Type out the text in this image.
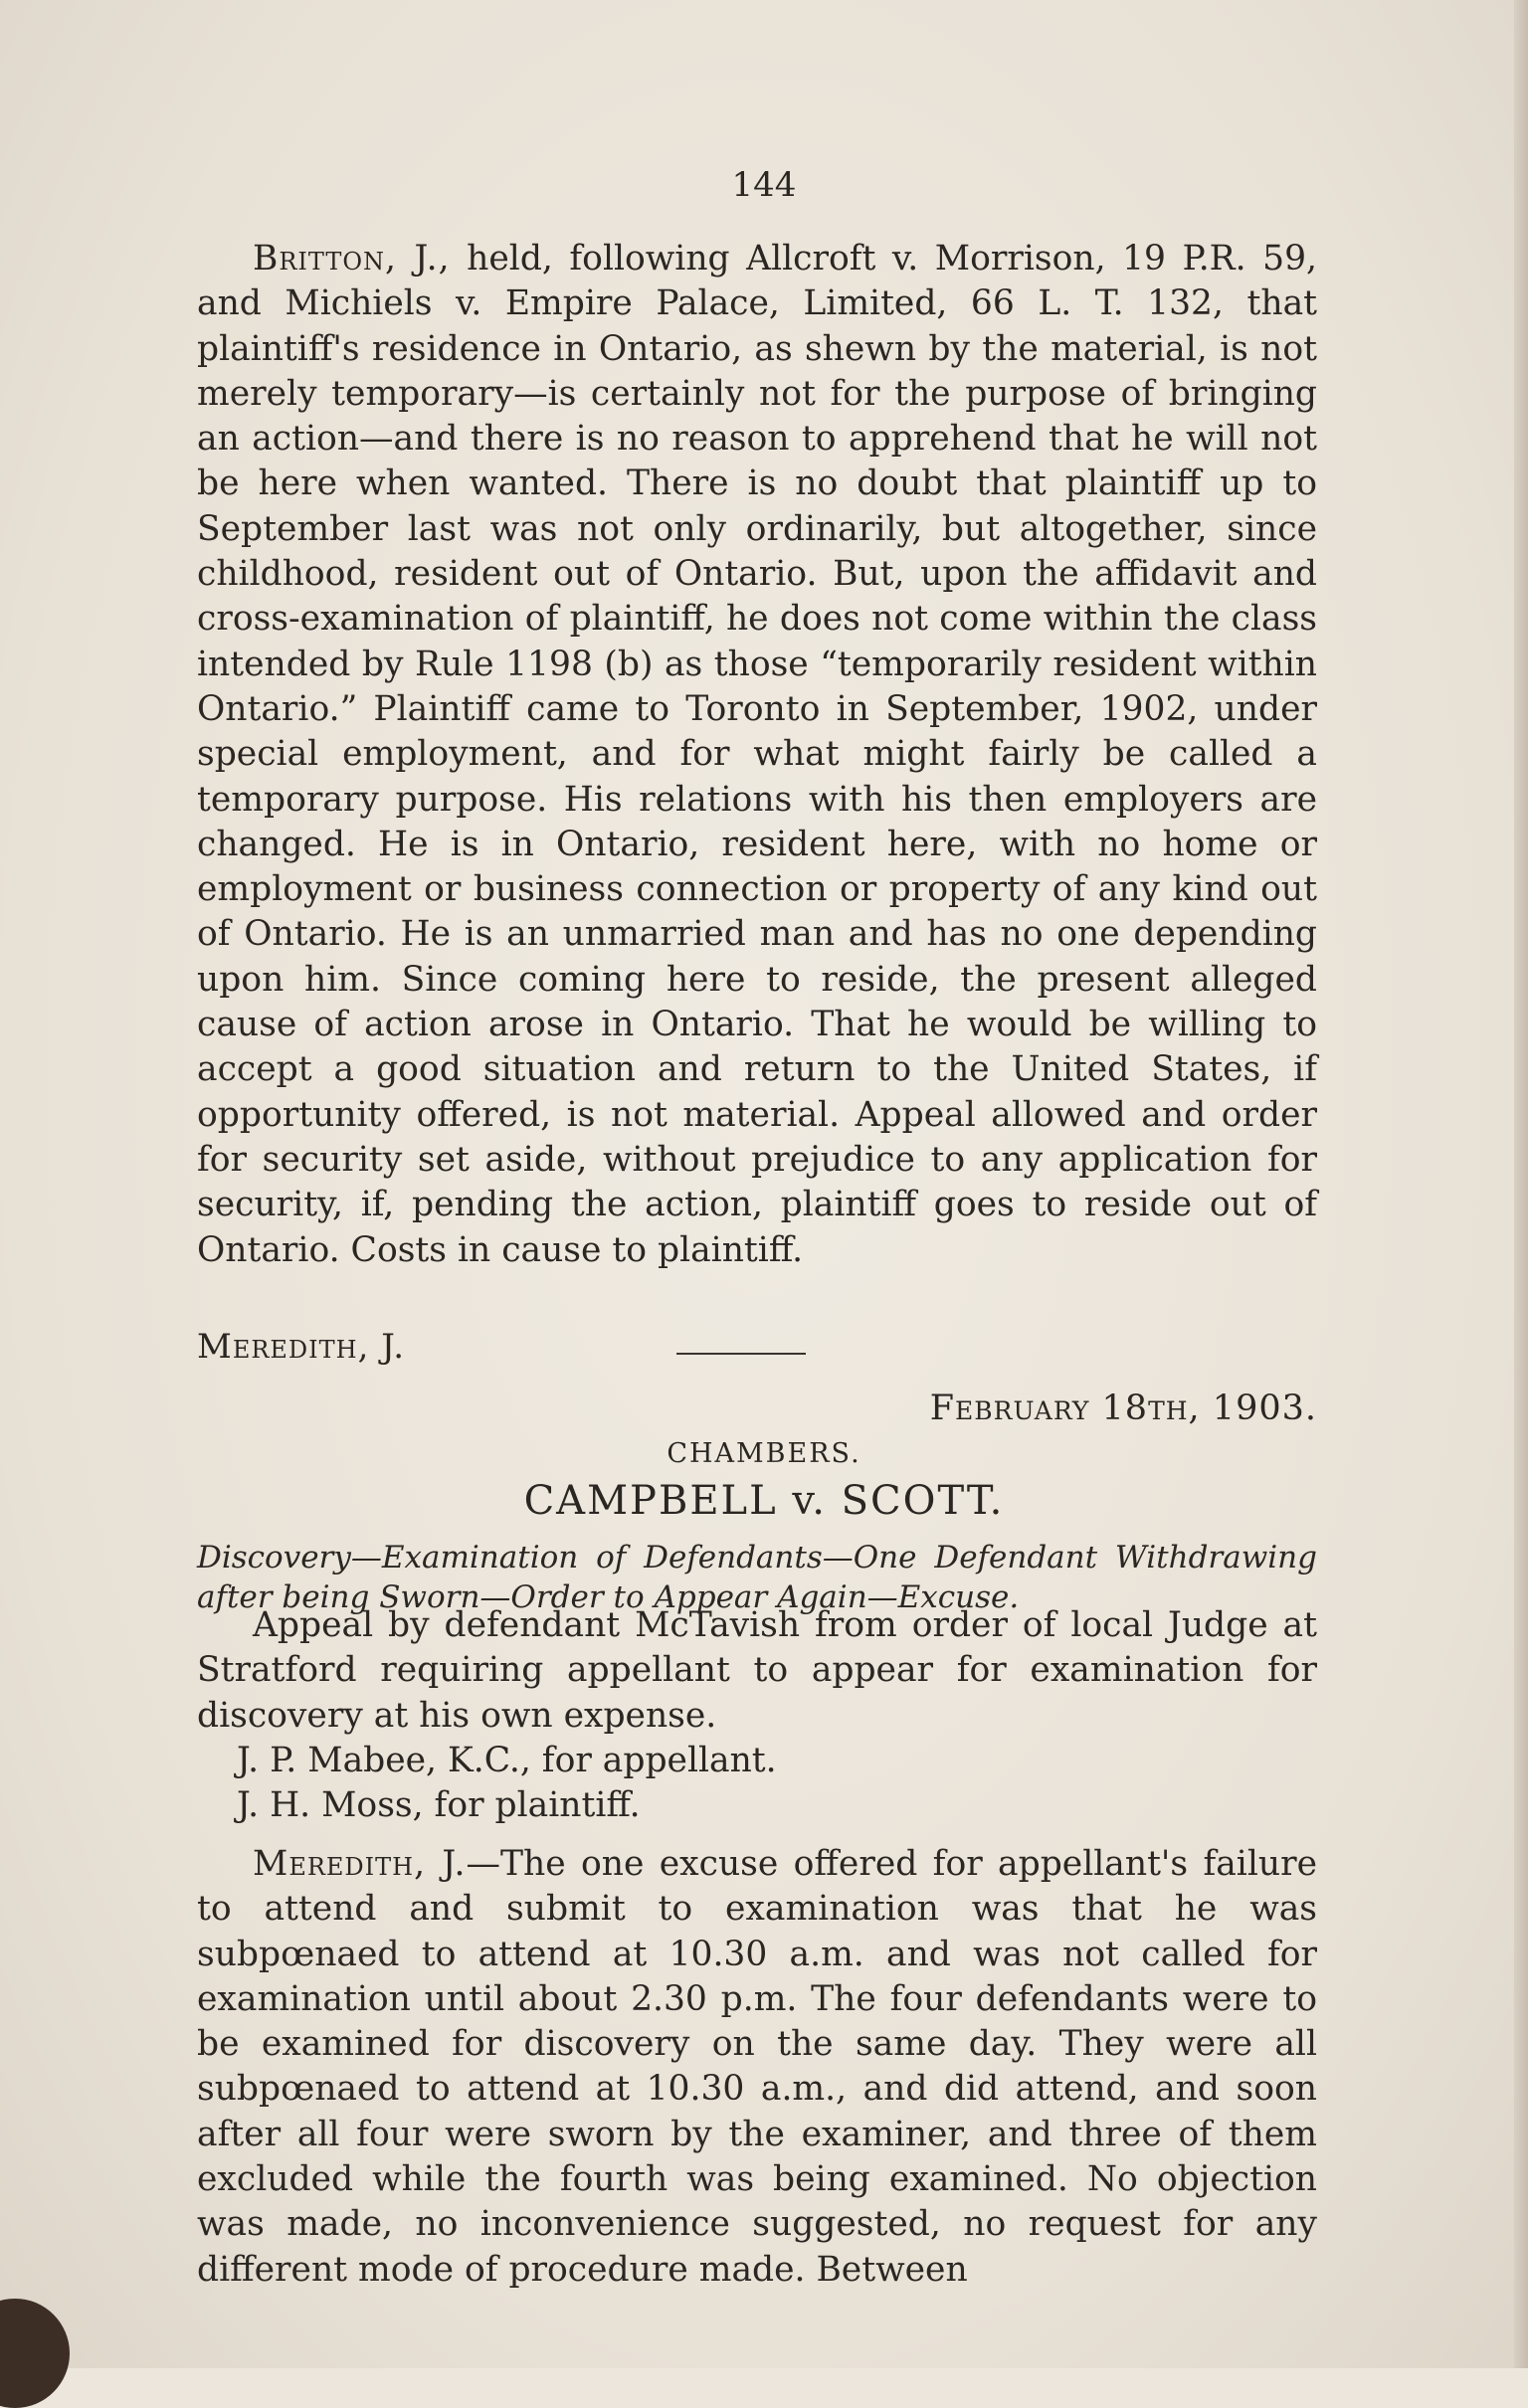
144

Britton, J., held, following Allcroft v. Morrison, 19 P.R. 59, and Michiels v. Empire Palace, Limited, 66 L. T. 132, that plaintiff's residence in Ontario, as shewn by the material, is not merely temporary—is certainly not for the purpose of bringing an action—and there is no reason to apprehend that he will not be here when wanted. There is no doubt that plaintiff up to September last was not only ordinarily, but altogether, since childhood, resident out of Ontario. But, upon the affidavit and cross-examination of plaintiff, he does not come within the class intended by Rule 1198 (b) as those “temporarily resident within Ontario.” Plaintiff came to Toronto in September, 1902, under special employment, and for what might fairly be called a temporary purpose. His relations with his then employers are changed. He is in Ontario, resident here, with no home or employment or business connection or property of any kind out of Ontario. He is an unmarried man and has no one depending upon him. Since coming here to reside, the present alleged cause of action arose in Ontario. That he would be willing to accept a good situation and return to the United States, if opportunity offered, is not material. Appeal allowed and order for security set aside, without prejudice to any application for security, if, pending the action, plaintiff goes to reside out of Ontario. Costs in cause to plaintiff.

Meredith, J.
February 18th, 1903.
CHAMBERS.
CAMPBELL v. SCOTT.
Discovery—Examination of Defendants—One Defendant Withdrawing after being Sworn—Order to Appear Again—Excuse.

Appeal by defendant McTavish from order of local Judge at Stratford requiring appellant to appear for examination for discovery at his own expense.

J. P. Mabee, K.C., for appellant.

J. H. Moss, for plaintiff.

Meredith, J.—The one excuse offered for appellant's failure to attend and submit to examination was that he was subpœnaed to attend at 10.30 a.m. and was not called for examination until about 2.30 p.m. The four defendants were to be examined for discovery on the same day. They were all subpœnaed to attend at 10.30 a.m., and did attend, and soon after all four were sworn by the examiner, and three of them excluded while the fourth was being examined. No objection was made, no inconvenience suggested, no request for any different mode of procedure made. Between
